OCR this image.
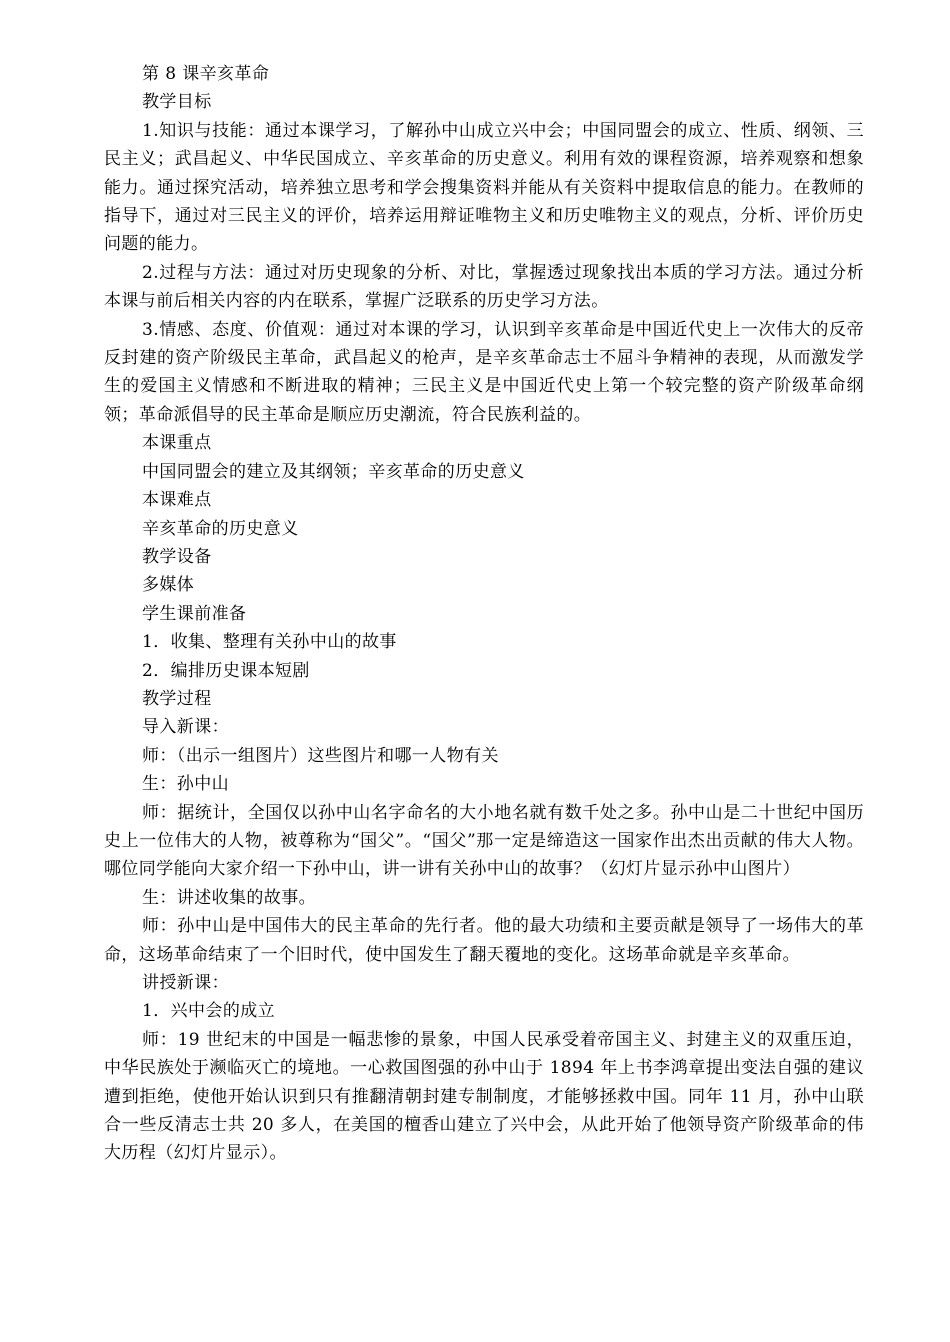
第 8 课辛亥革命

教学目标

1.知识与技能：通过本课学习，了解孙中山成立兴中会；中国同盟会的成立、性质、纲领、三民主义；武昌起义、中华民国成立、辛亥革命的历史意义。利用有效的课程资源，培养观察和想象能力。通过探究活动，培养独立思考和学会搜集资料并能从有关资料中提取信息的能力。在教师的指导下，通过对三民主义的评价，培养运用辩证唯物主义和历史唯物主义的观点，分析、评价历史问题的能力。

2.过程与方法：通过对历史现象的分析、对比，掌握透过现象找出本质的学习方法。通过分析本课与前后相关内容的内在联系，掌握广泛联系的历史学习方法。

3.情感、态度、价值观：通过对本课的学习，认识到辛亥革命是中国近代史上一次伟大的反帝反封建的资产阶级民主革命，武昌起义的枪声，是辛亥革命志士不屈斗争精神的表现，从而激发学生的爱国主义情感和不断进取的精神；三民主义是中国近代史上第一个较完整的资产阶级革命纲领；革命派倡导的民主革命是顺应历史潮流，符合民族利益的。

本课重点

中国同盟会的建立及其纲领；辛亥革命的历史意义

本课难点

辛亥革命的历史意义

教学设备

多媒体

学生课前准备

1．收集、整理有关孙中山的故事

2．编排历史课本短剧

教学过程

导入新课：

师：（出示一组图片）这些图片和哪一人物有关

生：孙中山

师：据统计，全国仅以孙中山名字命名的大小地名就有数千处之多。孙中山是二十世纪中国历史上一位伟大的人物，被尊称为“国父”。“国父”那一定是缔造这一国家作出杰出贡献的伟大人物。哪位同学能向大家介绍一下孙中山，讲一讲有关孙中山的故事？（幻灯片显示孙中山图片）

生：讲述收集的故事。

师：孙中山是中国伟大的民主革命的先行者。他的最大功绩和主要贡献是领导了一场伟大的革命，这场革命结束了一个旧时代，使中国发生了翻天覆地的变化。这场革命就是辛亥革命。

讲授新课：

1．兴中会的成立

师：19 世纪末的中国是一幅悲惨的景象，中国人民承受着帝国主义、封建主义的双重压迫，中华民族处于濒临灭亡的境地。一心救国图强的孙中山于 1894 年上书李鸿章提出变法自强的建议遭到拒绝，使他开始认识到只有推翻清朝封建专制制度，才能够拯救中国。同年 11 月，孙中山联合一些反清志士共 20 多人，在美国的檀香山建立了兴中会，从此开始了他领导资产阶级革命的伟大历程（幻灯片显示）。
